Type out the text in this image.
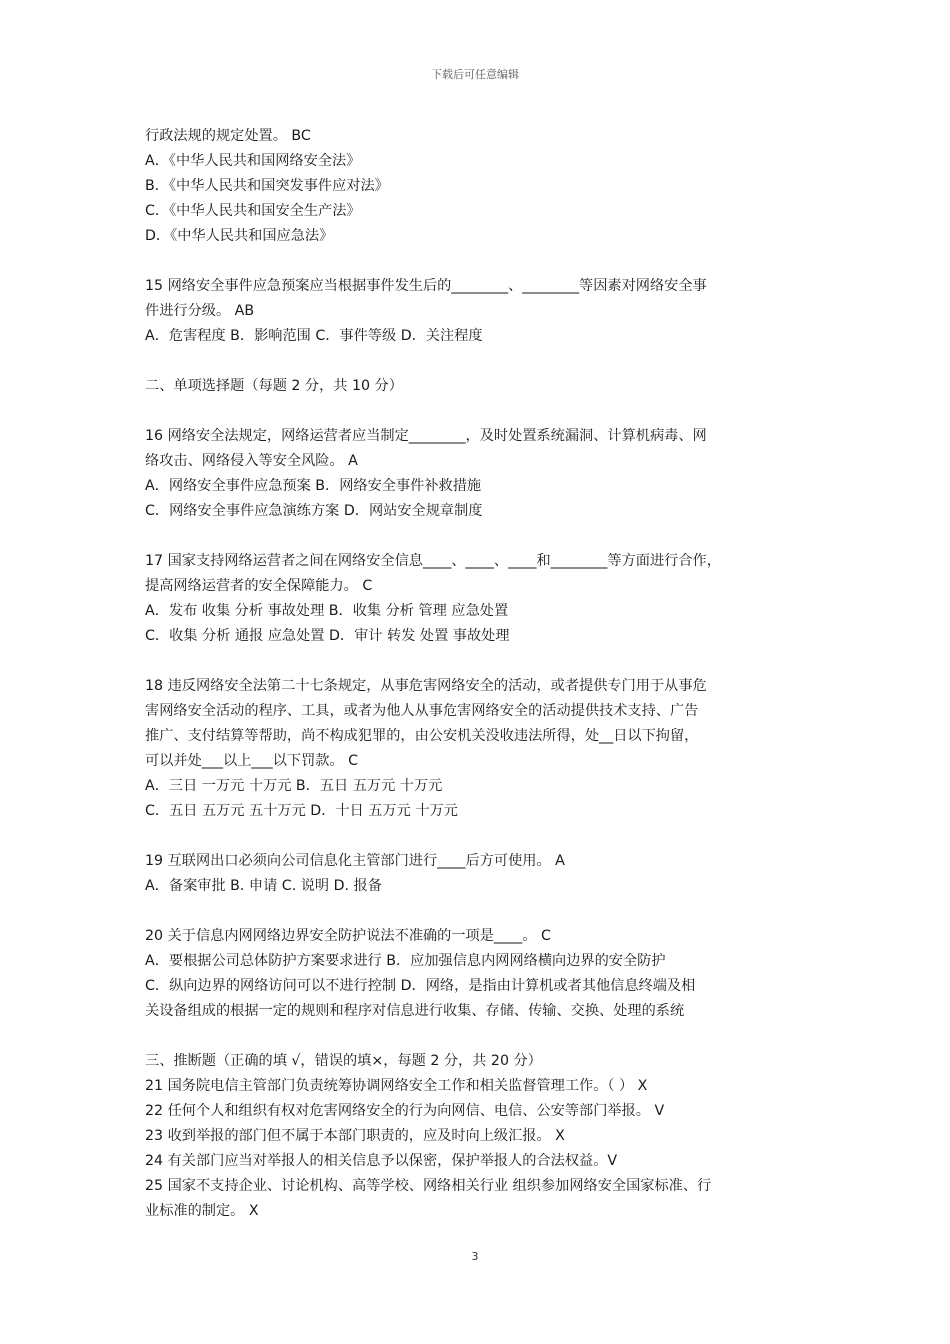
下载后可任意编辑
行政法规的规定处置。 BC
A．《中华人民共和国网络安全法》
B．《中华人民共和国突发事件应对法》
C．《中华人民共和国安全生产法》
D．《中华人民共和国应急法》
15 网络安全事件应急预案应当根据事件发生后的________、________等因素对网络安全事
件进行分级。 AB
A．危害程度 B．影响范围 C．事件等级 D．关注程度
二、单项选择题（每题 2 分，共 10 分）
16 网络安全法规定，网络运营者应当制定________，及时处置系统漏洞、计算机病毒、网
络攻击、网络侵入等安全风险。 A
A．网络安全事件应急预案 B．网络安全事件补救措施
C．网络安全事件应急演练方案 D．网站安全规章制度
17 国家支持网络运营者之间在网络安全信息____、____、____和________等方面进行合作，
提高网络运营者的安全保障能力。 C
A．发布 收集 分析 事故处理 B．收集 分析 管理 应急处置
C．收集 分析 通报 应急处置 D．审计 转发 处置 事故处理
18 违反网络安全法第二十七条规定，从事危害网络安全的活动，或者提供专门用于从事危
害网络安全活动的程序、工具，或者为他人从事危害网络安全的活动提供技术支持、广告
推广、支付结算等帮助，尚不构成犯罪的，由公安机关没收违法所得，处__日以下拘留，
可以并处___以上___以下罚款。 C
A．三日 一万元 十万元 B．五日 五万元 十万元
C．五日 五万元 五十万元 D．十日 五万元 十万元
19 互联网出口必须向公司信息化主管部门进行____后方可使用。 A
A．备案审批 B. 申请 C. 说明 D. 报备
20 关于信息内网网络边界安全防护说法不准确的一项是____。 C
A．要根据公司总体防护方案要求进行 B．应加强信息内网网络横向边界的安全防护
C．纵向边界的网络访问可以不进行控制 D．网络，是指由计算机或者其他信息终端及相
关设备组成的根据一定的规则和程序对信息进行收集、存储、传输、交换、处理的系统
三、推断题（正确的填 √，错误的填×，每题 2 分，共 20 分）
21 国务院电信主管部门负责统筹协调网络安全工作和相关监督管理工作。（ ） X
22 任何个人和组织有权对危害网络安全的行为向网信、电信、公安等部门举报。 V
23 收到举报的部门但不属于本部门职责的，应及时向上级汇报。 X
24 有关部门应当对举报人的相关信息予以保密，保护举报人的合法权益。V
25 国家不支持企业、讨论机构、高等学校、网络相关行业 组织参加网络安全国家标准、行
业标准的制定。 X
3
